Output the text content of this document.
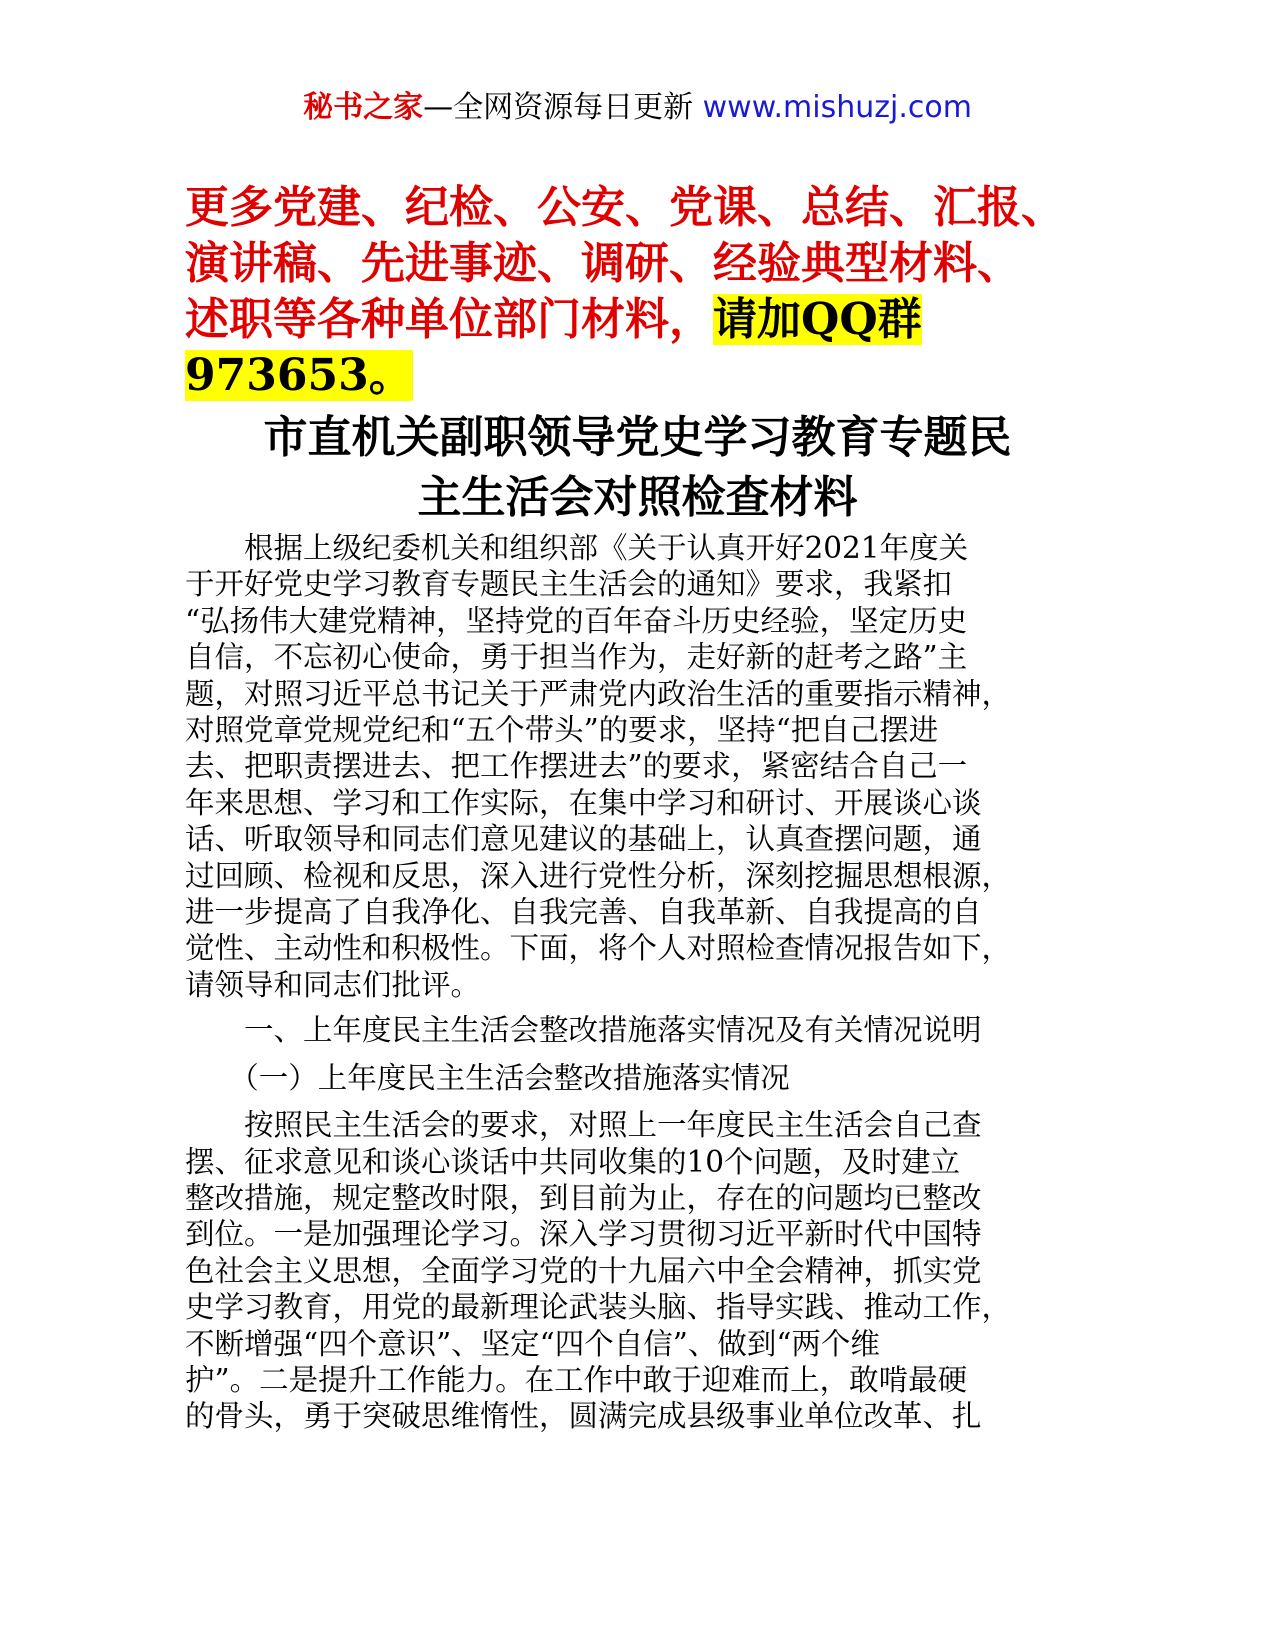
秘书之家—全网资源每日更新 www.mishuzj.com
更多党建、纪检、公安、党课、总结、汇报、
演讲稿、先进事迹、调研、经验典型材料、
述职等各种单位部门材料，请加QQ群
973653。
市直机关副职领导党史学习教育专题民
主生活会对照检查材料
　　根据上级纪委机关和组织部《关于认真开好2021年度关
于开好党史学习教育专题民主生活会的通知》要求，我紧扣
“弘扬伟大建党精神，坚持党的百年奋斗历史经验，坚定历史
自信，不忘初心使命，勇于担当作为，走好新的赶考之路”主
题，对照习近平总书记关于严肃党内政治生活的重要指示精神，
对照党章党规党纪和“五个带头”的要求，坚持“把自己摆进
去、把职责摆进去、把工作摆进去”的要求，紧密结合自己一
年来思想、学习和工作实际，在集中学习和研讨、开展谈心谈
话、听取领导和同志们意见建议的基础上，认真查摆问题，通
过回顾、检视和反思，深入进行党性分析，深刻挖掘思想根源，
进一步提高了自我净化、自我完善、自我革新、自我提高的自
觉性、主动性和积极性。下面，将个人对照检查情况报告如下，
请领导和同志们批评。
　　一、上年度民主生活会整改措施落实情况及有关情况说明
　　（一）上年度民主生活会整改措施落实情况
　　按照民主生活会的要求，对照上一年度民主生活会自己查
摆、征求意见和谈心谈话中共同收集的10个问题，及时建立
整改措施，规定整改时限，到目前为止，存在的问题均已整改
到位。一是加强理论学习。深入学习贯彻习近平新时代中国特
色社会主义思想，全面学习党的十九届六中全会精神，抓实党
史学习教育，用党的最新理论武装头脑、指导实践、推动工作，
不断增强“四个意识”、坚定“四个自信”、做到“两个维
护”。二是提升工作能力。在工作中敢于迎难而上，敢啃最硬
的骨头，勇于突破思维惰性，圆满完成县级事业单位改革、扎
